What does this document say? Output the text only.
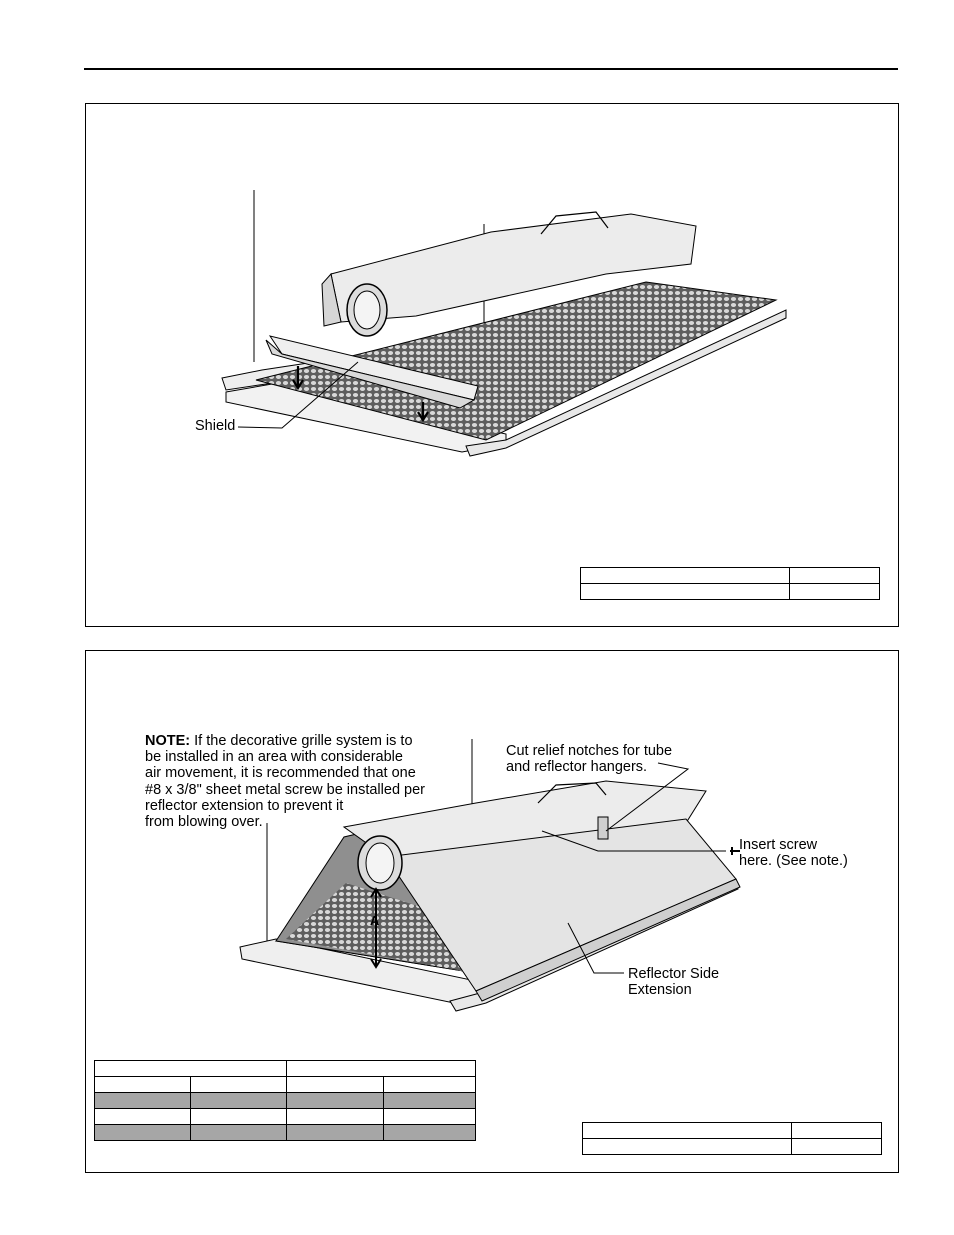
Shield

NOTE: If the decorative grille system is to
be installed in an area with considerable
air movement, it is recommended that one
#8 x 3/8" sheet metal screw be installed per
reflector extension to prevent it
from blowing over.
Cut relief notches for tube
and reflector hangers.
Insert screw
here. (See note.)
Reflector Side
Extension
A
